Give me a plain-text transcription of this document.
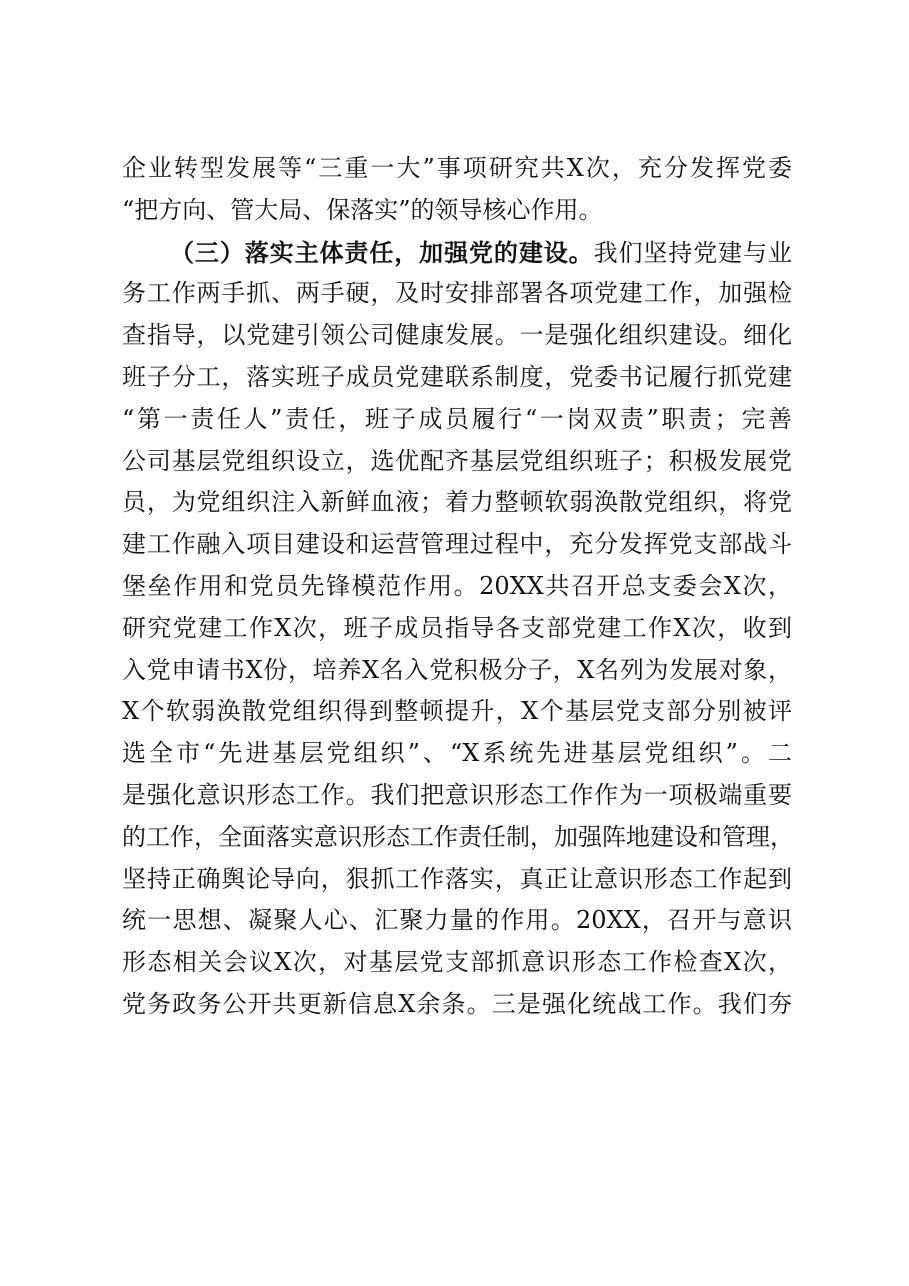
企业转型发展等“三重一大”事项研究共X次，充分发挥党委
“把方向、管大局、保落实”的领导核心作用。
（三）落实主体责任，加强党的建设。我们坚持党建与业
务工作两手抓、两手硬，及时安排部署各项党建工作，加强检
查指导，以党建引领公司健康发展。一是强化组织建设。细化
班子分工，落实班子成员党建联系制度，党委书记履行抓党建
“第一责任人”责任，班子成员履行“一岗双责”职责；完善
公司基层党组织设立，选优配齐基层党组织班子；积极发展党
员，为党组织注入新鲜血液；着力整顿软弱涣散党组织，将党
建工作融入项目建设和运营管理过程中，充分发挥党支部战斗
堡垒作用和党员先锋模范作用。20XX共召开总支委会X次，
研究党建工作X次，班子成员指导各支部党建工作X次，收到
入党申请书X份，培养X名入党积极分子，X名列为发展对象，
X个软弱涣散党组织得到整顿提升，X个基层党支部分别被评
选全市“先进基层党组织”、“X系统先进基层党组织”。二
是强化意识形态工作。我们把意识形态工作作为一项极端重要
的工作，全面落实意识形态工作责任制，加强阵地建设和管理，
坚持正确舆论导向，狠抓工作落实，真正让意识形态工作起到
统一思想、凝聚人心、汇聚力量的作用。20XX，召开与意识
形态相关会议X次，对基层党支部抓意识形态工作检查X次，
党务政务公开共更新信息X余条。三是强化统战工作。我们夯
